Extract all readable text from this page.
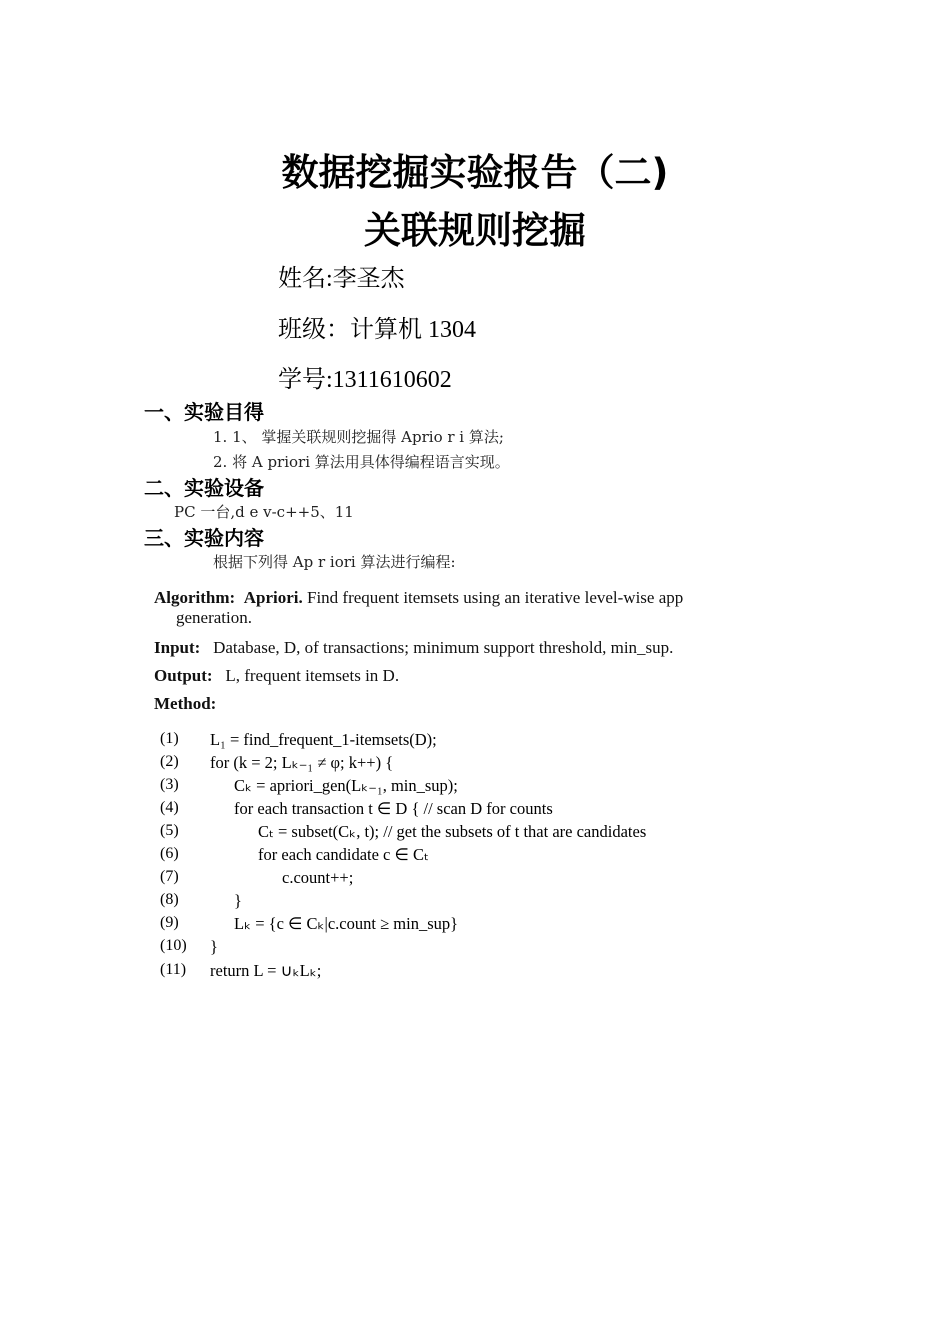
数据挖掘实验报告（二)
关联规则挖掘
姓名:李圣杰
班级：计算机 1304
学号:1311610602
一、实验目得
1. 1、 掌握关联规则挖掘得 Aprio r i 算法;
2. 将 A priori 算法用具体得编程语言实现。
二、实验设备
PC 一台,d e v-c++5、11
三、实验内容
根据下列得 Ap r iori 算法进行编程:
Algorithm: Apriori. Find frequent itemsets using an iterative level-wise app
generation.
Input: Database, D, of transactions; minimum support threshold, min_sup.
Output: L, frequent itemsets in D.
Method:
(1) L₁ = find_frequent_1-itemsets(D);
(2) for (k = 2; Lₖ₋₁ ≠ φ; k++) {
(3)	Cₖ = apriori_gen(Lₖ₋₁, min_sup);
(4)	for each transaction t ∈ D { // scan D for counts
(5)	Cₜ = subset(Cₖ, t); // get the subsets of t that are candidates
(6)	for each candidate c ∈ Cₜ
(7)	c.count++;
(8)	}
(9)	Lₖ = {c ∈ Cₖ|c.count ≥ min_sup}
(10) }
(11) return L = ∪ₖLₖ;
